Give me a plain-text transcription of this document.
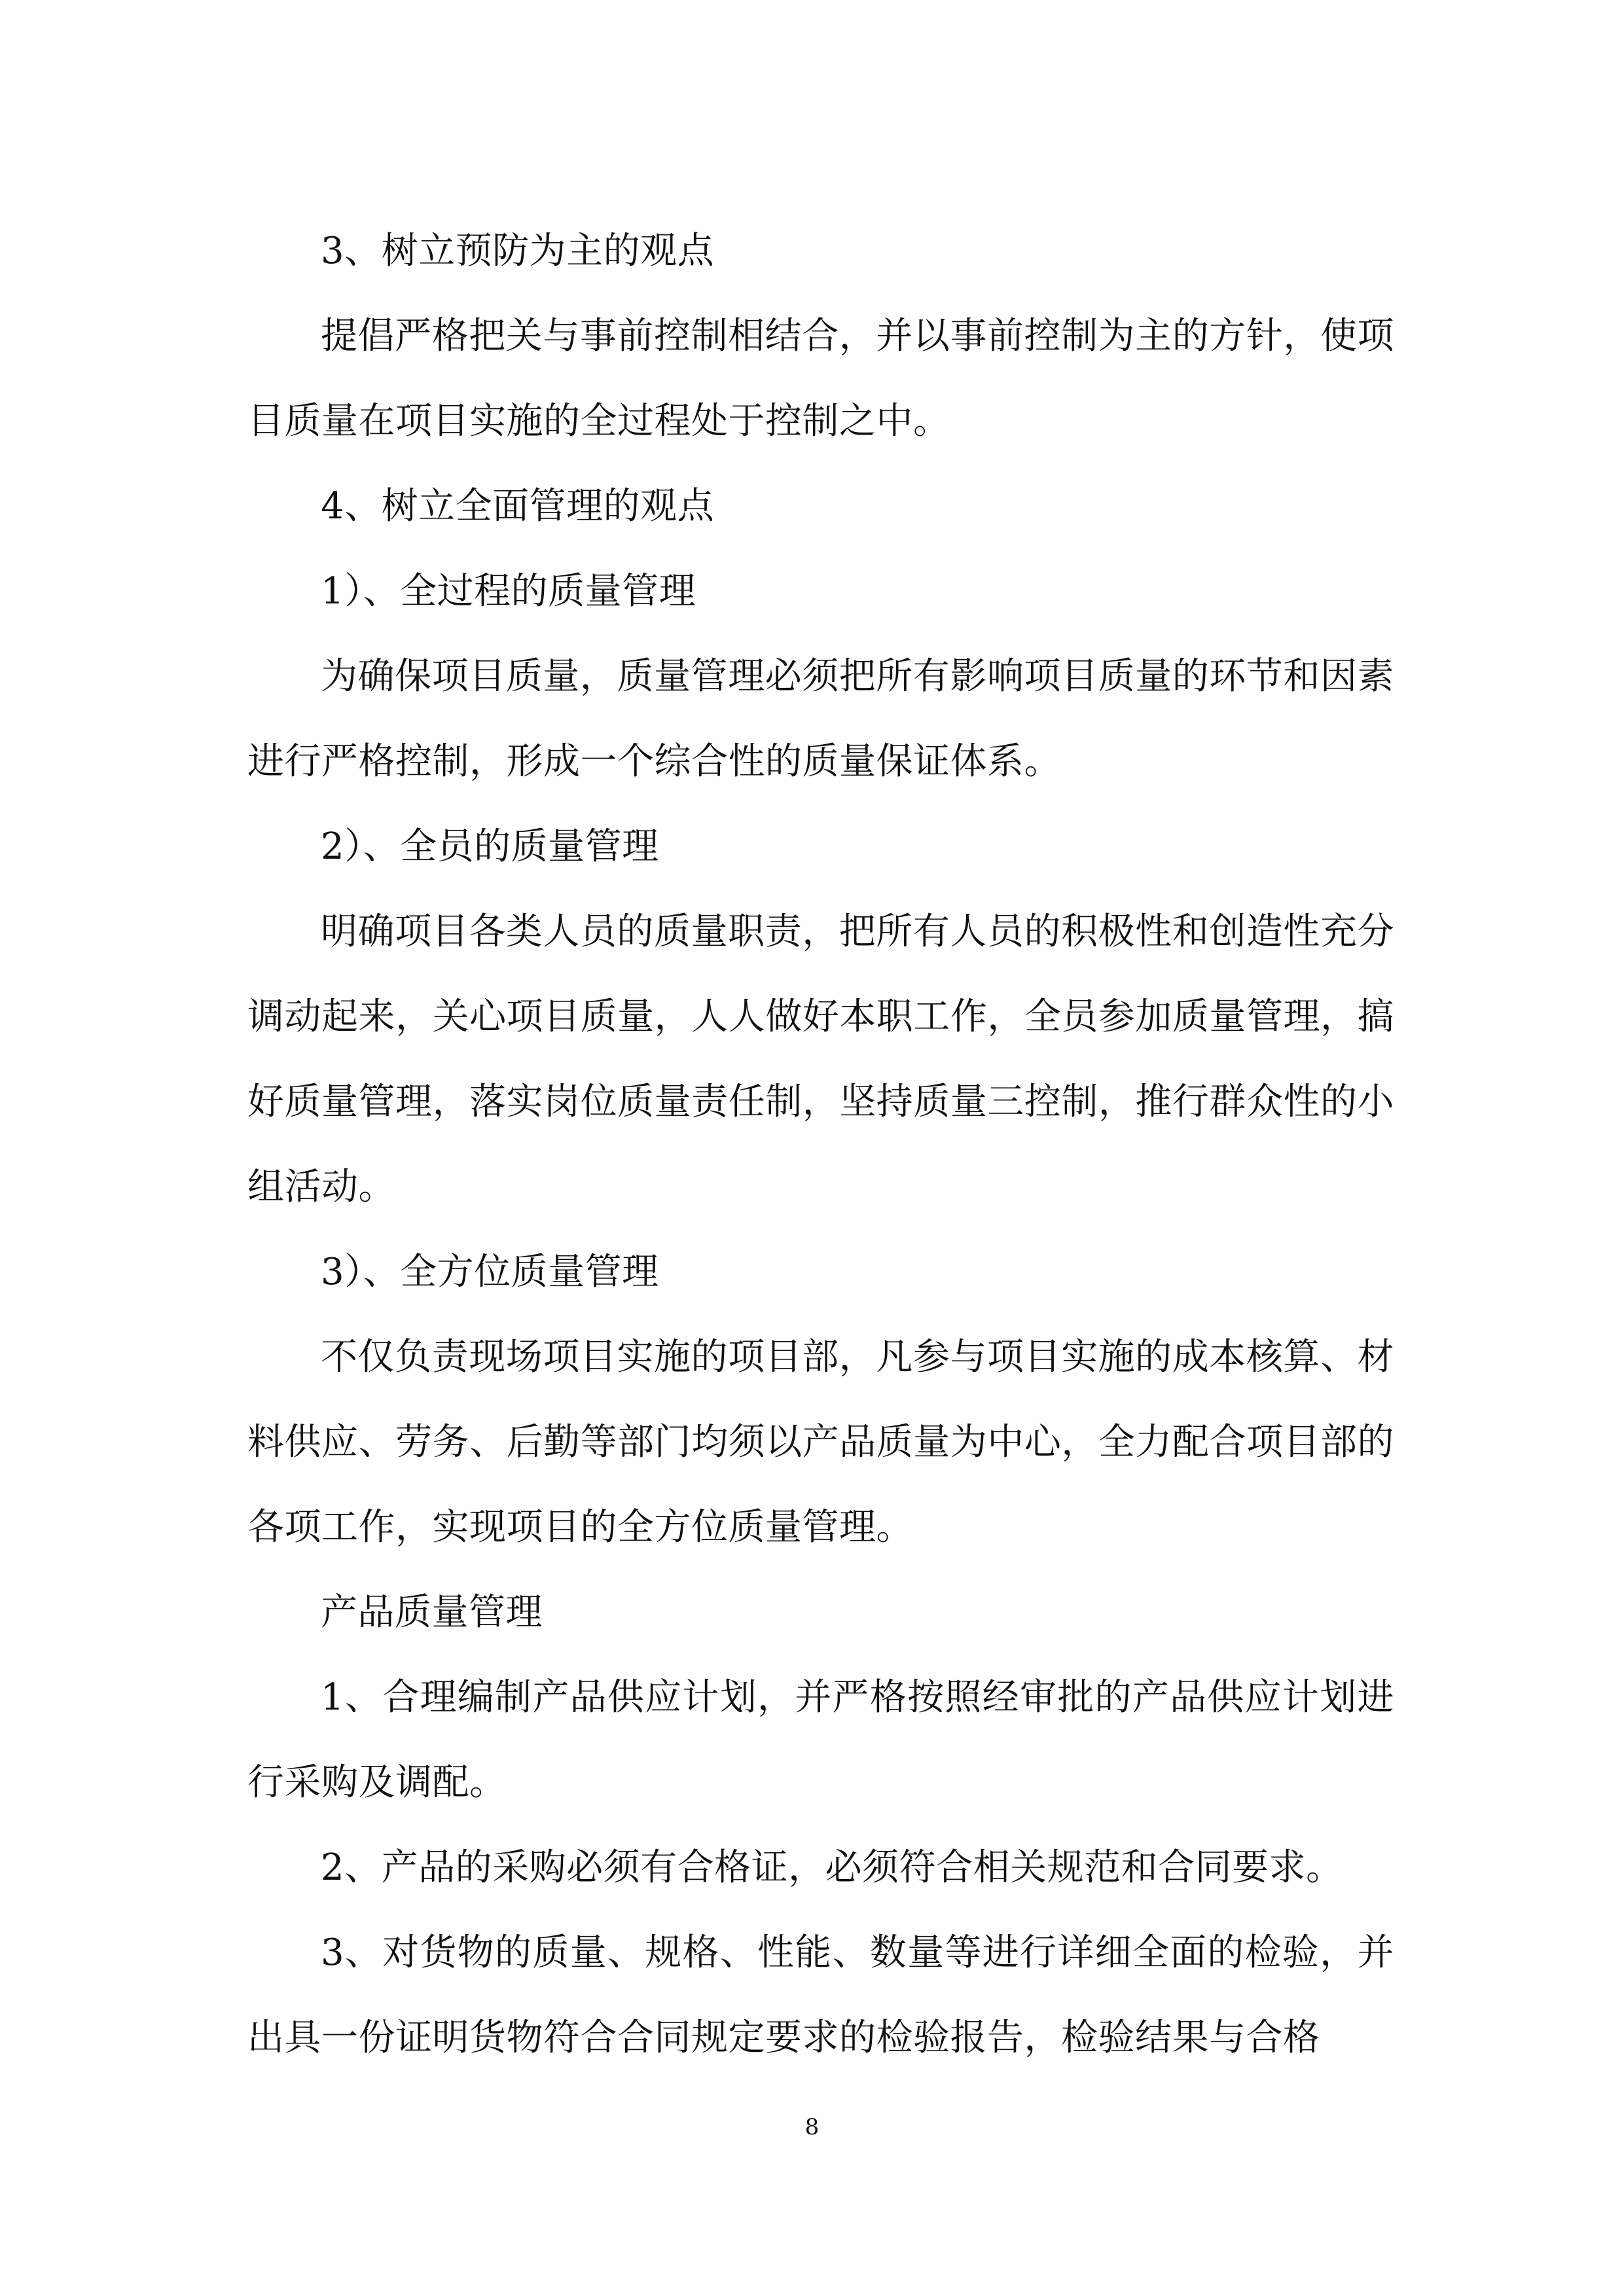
3、树立预防为主的观点

提倡严格把关与事前控制相结合，并以事前控制为主的方针，使项目质量在项目实施的全过程处于控制之中。

4、树立全面管理的观点

1）、全过程的质量管理

为确保项目质量，质量管理必须把所有影响项目质量的环节和因素进行严格控制，形成一个综合性的质量保证体系。

2）、全员的质量管理

明确项目各类人员的质量职责，把所有人员的积极性和创造性充分调动起来，关心项目质量，人人做好本职工作，全员参加质量管理，搞好质量管理，落实岗位质量责任制，坚持质量三控制，推行群众性的小组活动。

3）、全方位质量管理

不仅负责现场项目实施的项目部，凡参与项目实施的成本核算、材料供应、劳务、后勤等部门均须以产品质量为中心，全力配合项目部的各项工作，实现项目的全方位质量管理。

产品质量管理

1、合理编制产品供应计划，并严格按照经审批的产品供应计划进行采购及调配。

2、产品的采购必须有合格证，必须符合相关规范和合同要求。

3、对货物的质量、规格、性能、数量等进行详细全面的检验，并出具一份证明货物符合合同规定要求的检验报告，检验结果与合格

8
